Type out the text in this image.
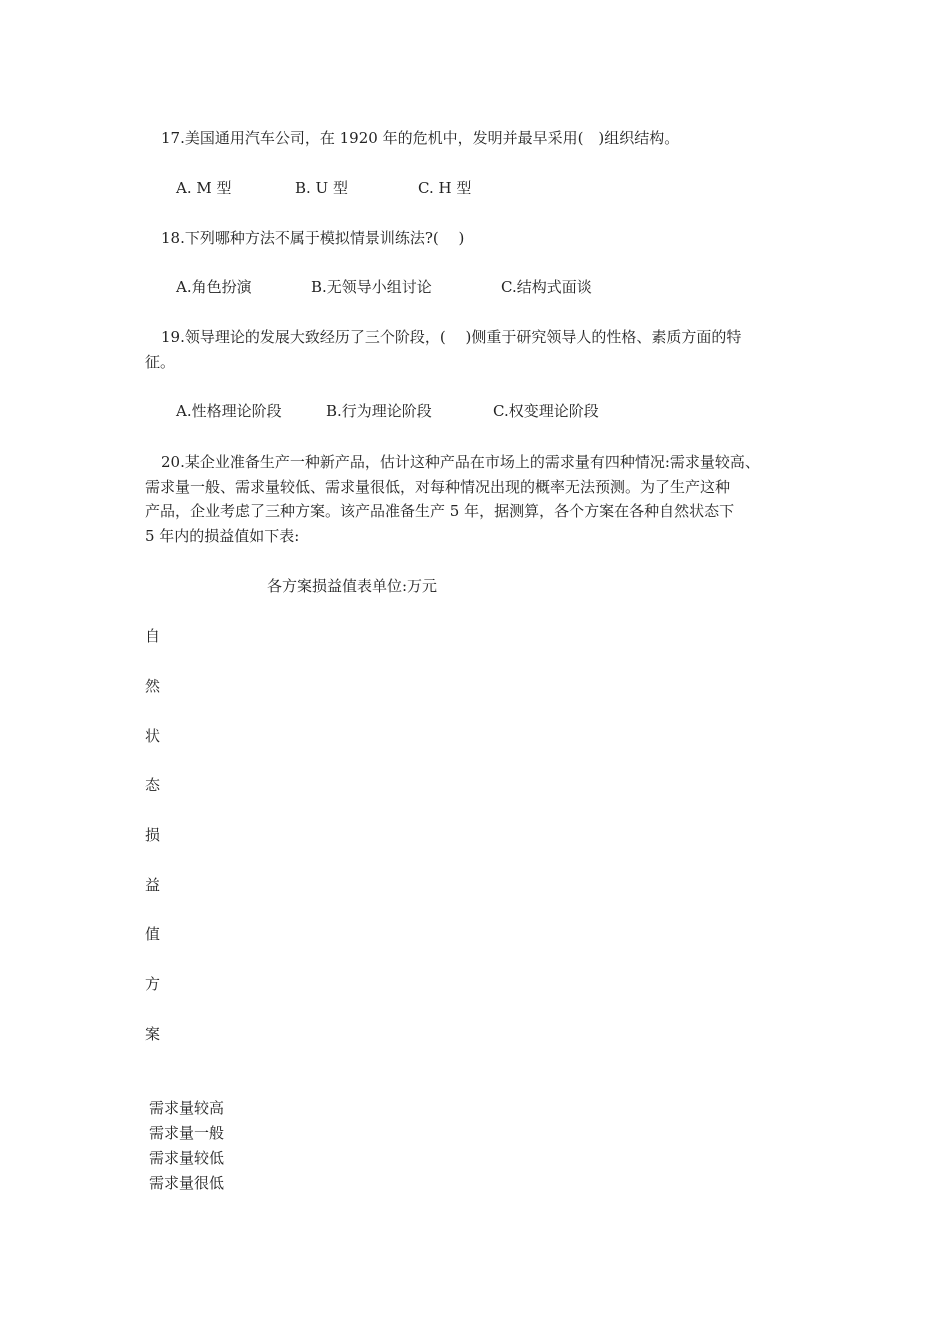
17.美国通用汽车公司，在 1920 年的危机中，发明并最早采用(　)组织结构。
A. M 型	B. U 型	C. H 型
18.下列哪种方法不属于模拟情景训练法?(　 )
A.角色扮演	B.无领导小组讨论	C.结构式面谈
19.领导理论的发展大致经历了三个阶段，(　 )侧重于研究领导人的性格、素质方面的特
征。
A.性格理论阶段	B.行为理论阶段	C.权变理论阶段
20.某企业准备生产一种新产品，估计这种产品在市场上的需求量有四种情况:需求量较高、
需求量一般、需求量较低、需求量很低，对每种情况出现的概率无法预测。为了生产这种
产品，企业考虑了三种方案。该产品准备生产 5 年，据测算，各个方案在各种自然状态下
5 年内的损益值如下表:
各方案损益值表单位:万元
自
然
状
态
损
益
值
方
案
需求量较高
需求量一般
需求量较低
需求量很低
